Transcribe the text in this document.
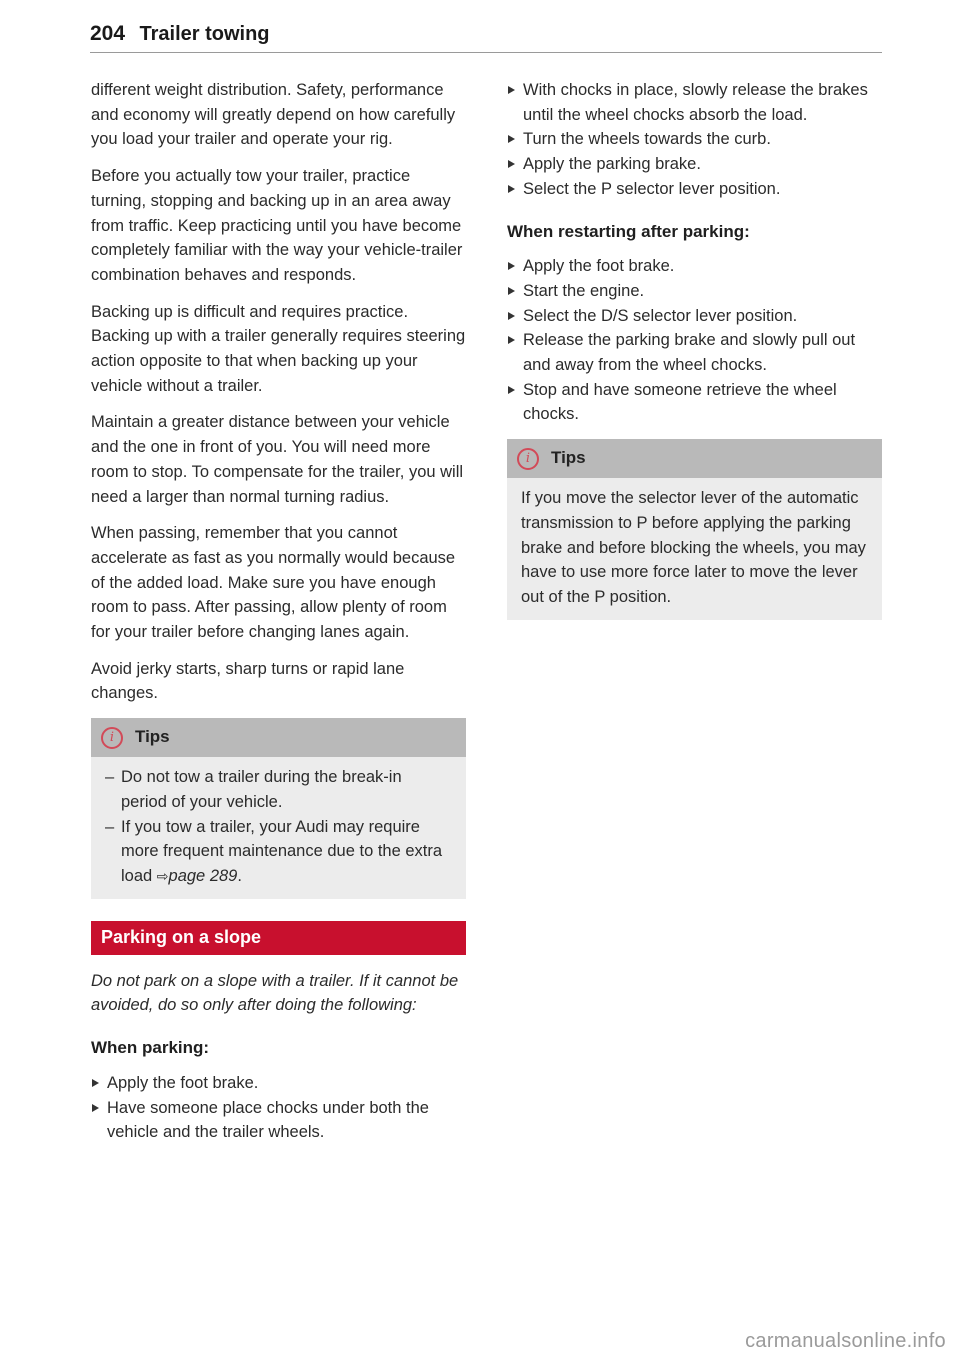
204 Trailer towing

different weight distribution. Safety, performance and economy will greatly depend on how carefully you load your trailer and operate your rig.

Before you actually tow your trailer, practice turning, stopping and backing up in an area away from traffic. Keep practicing until you have become completely familiar with the way your vehicle-trailer combination behaves and responds.

Backing up is difficult and requires practice. Backing up with a trailer generally requires steering action opposite to that when backing up your vehicle without a trailer.

Maintain a greater distance between your vehicle and the one in front of you. You will need more room to stop. To compensate for the trailer, you will need a larger than normal turning radius.

When passing, remember that you cannot accelerate as fast as you normally would because of the added load. Make sure you have enough room to pass. After passing, allow plenty of room for your trailer before changing lanes again.

Avoid jerky starts, sharp turns or rapid lane changes.

i	Tips
– Do not tow a trailer during the break-in period of your vehicle.
– If you tow a trailer, your Audi may require more frequent maintenance due to the extra load ⇨page 289.
Parking on a slope

Do not park on a slope with a trailer. If it cannot be avoided, do so only after doing the following:

When parking:
Apply the foot brake.
Have someone place chocks under both the vehicle and the trailer wheels.
With chocks in place, slowly release the brakes until the wheel chocks absorb the load.
Turn the wheels towards the curb.
Apply the parking brake.
Select the P selector lever position.
When restarting after parking:
Apply the foot brake.
Start the engine.
Select the D/S selector lever position.
Release the parking brake and slowly pull out and away from the wheel chocks.
Stop and have someone retrieve the wheel chocks.
i	Tips

If you move the selector lever of the automatic transmission to P before applying the parking brake and before blocking the wheels, you may have to use more force later to move the lever out of the P position.

carmanualsonline.info
